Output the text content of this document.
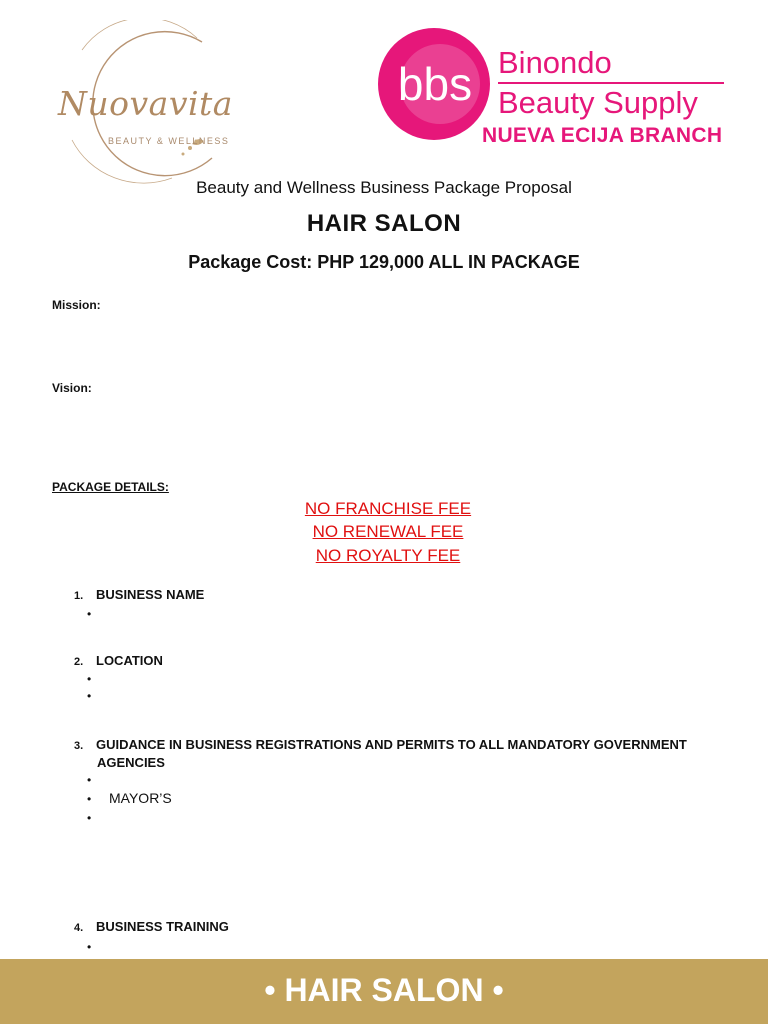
Nuovavita
BEAUTY & WELLNESS
bbs Binondo
Beauty Supply
NUEVA ECIJA BRANCH
Beauty and Wellness Business Package Proposal
HAIR SALON
Package Cost: PHP 129,000 ALL IN PACKAGE
Mission:
Vision:
PACKAGE DETAILS:
NO FRANCHISE FEE
NO RENEWAL FEE
NO ROYALTY FEE
1. BUSINESS NAME
•
2. LOCATION
•
•
3. GUIDANCE IN BUSINESS REGISTRATIONS AND PERMITS TO ALL MANDATORY GOVERNMENT
AGENCIES
•
• MAYOR’S
•
4. BUSINESS TRAINING
•
• HAIR SALON •
